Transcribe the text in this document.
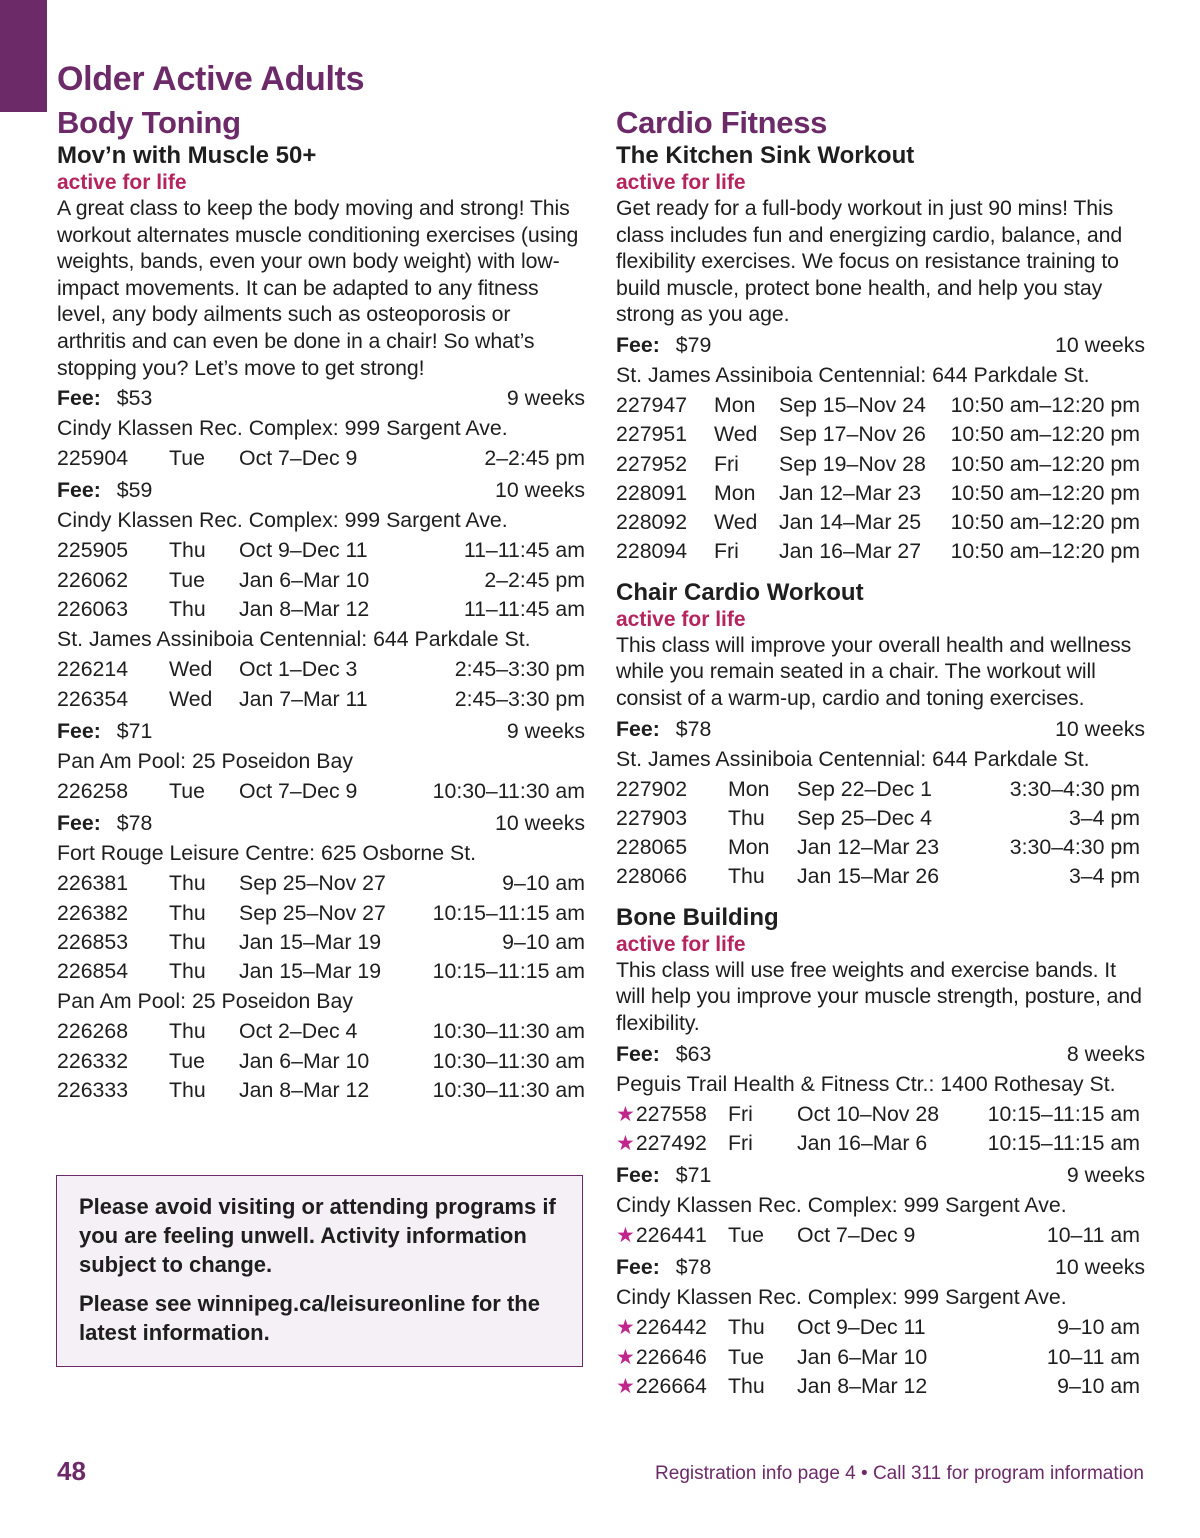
Older Active Adults
Body Toning
Mov’n with Muscle 50+
active for life
A great class to keep the body moving and strong! This workout alternates muscle conditioning exercises (using weights, bands, even your own body weight) with low-impact movements. It can be adapted to any fitness level, any body ailments such as osteoporosis or arthritis and can even be done in a chair! So what’s stopping you? Let’s move to get strong!
Fee: $53	9 weeks
Cindy Klassen Rec. Complex: 999 Sargent Ave.
225904	Tue	Oct 7–Dec 9	2–2:45 pm
Fee: $59	10 weeks
Cindy Klassen Rec. Complex: 999 Sargent Ave.
225905	Thu	Oct 9–Dec 11	11–11:45 am
226062	Tue	Jan 6–Mar 10	2–2:45 pm
226063	Thu	Jan 8–Mar 12	11–11:45 am
St. James Assiniboia Centennial: 644 Parkdale St.
226214	Wed	Oct 1–Dec 3	2:45–3:30 pm
226354	Wed	Jan 7–Mar 11	2:45–3:30 pm
Fee: $71	9 weeks
Pan Am Pool: 25 Poseidon Bay
226258	Tue	Oct 7–Dec 9	10:30–11:30 am
Fee: $78	10 weeks
Fort Rouge Leisure Centre: 625 Osborne St.
226381	Thu	Sep 25–Nov 27	9–10 am
226382	Thu	Sep 25–Nov 27	10:15–11:15 am
226853	Thu	Jan 15–Mar 19	9–10 am
226854	Thu	Jan 15–Mar 19	10:15–11:15 am
Pan Am Pool: 25 Poseidon Bay
226268	Thu	Oct 2–Dec 4	10:30–11:30 am
226332	Tue	Jan 6–Mar 10	10:30–11:30 am
226333	Thu	Jan 8–Mar 12	10:30–11:30 am
Cardio Fitness
The Kitchen Sink Workout
active for life
Get ready for a full-body workout in just 90 mins! This class includes fun and energizing cardio, balance, and flexibility exercises. We focus on resistance training to build muscle, protect bone health, and help you stay strong as you age.
Fee: $79	10 weeks
St. James Assiniboia Centennial: 644 Parkdale St.
227947	Mon	Sep 15–Nov 24	10:50 am–12:20 pm
227951	Wed	Sep 17–Nov 26	10:50 am–12:20 pm
227952	Fri	Sep 19–Nov 28	10:50 am–12:20 pm
228091	Mon	Jan 12–Mar 23	10:50 am–12:20 pm
228092	Wed	Jan 14–Mar 25	10:50 am–12:20 pm
228094	Fri	Jan 16–Mar 27	10:50 am–12:20 pm
Chair Cardio Workout
active for life
This class will improve your overall health and wellness while you remain seated in a chair. The workout will consist of a warm-up, cardio and toning exercises.
Fee: $78	10 weeks
St. James Assiniboia Centennial: 644 Parkdale St.
227902	Mon	Sep 22–Dec 1	3:30–4:30 pm
227903	Thu	Sep 25–Dec 4	3–4 pm
228065	Mon	Jan 12–Mar 23	3:30–4:30 pm
228066	Thu	Jan 15–Mar 26	3–4 pm
Bone Building
active for life
This class will use free weights and exercise bands. It will help you improve your muscle strength, posture, and flexibility.
Fee: $63	8 weeks
Peguis Trail Health & Fitness Ctr.: 1400 Rothesay St.
★227558 Fri	Oct 10–Nov 28	10:15–11:15 am
★227492 Fri	Jan 16–Mar 6	10:15–11:15 am
Fee: $71	9 weeks
Cindy Klassen Rec. Complex: 999 Sargent Ave.
★226441 Tue	Oct 7–Dec 9	10–11 am
Fee: $78	10 weeks
Cindy Klassen Rec. Complex: 999 Sargent Ave.
★226442 Thu	Oct 9–Dec 11	9–10 am
★226646 Tue	Jan 6–Mar 10	10–11 am
★226664 Thu	Jan 8–Mar 12	9–10 am

Please avoid visiting or attending programs if you are feeling unwell. Activity information subject to change.

Please see winnipeg.ca/leisureonline for the latest information.

48	Registration info page 4 • Call 311 for program information
